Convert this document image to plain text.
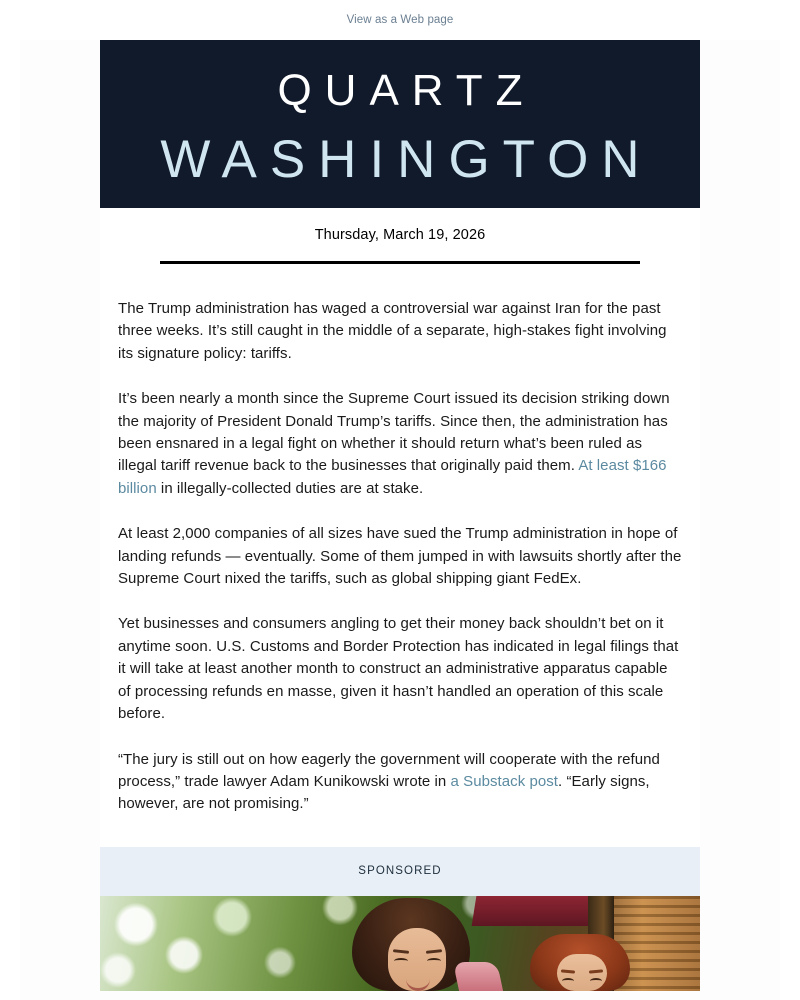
View as a Web page
QUARTZ
WASHINGTON
Thursday, March 19, 2026

The Trump administration has waged a controversial war against Iran for the past three weeks. It’s still caught in the middle of a separate, high-stakes fight involving its signature policy: tariffs.

It’s been nearly a month since the Supreme Court issued its decision striking down the majority of President Donald Trump’s tariffs. Since then, the administration has been ensnared in a legal fight on whether it should return what’s been ruled as illegal tariff revenue back to the businesses that originally paid them. At least $166 billion in illegally-collected duties are at stake.

At least 2,000 companies of all sizes have sued the Trump administration in hope of landing refunds — eventually. Some of them jumped in with lawsuits shortly after the Supreme Court nixed the tariffs, such as global shipping giant FedEx.

Yet businesses and consumers angling to get their money back shouldn’t bet on it anytime soon. U.S. Customs and Border Protection has indicated in legal filings that it will take at least another month to construct an administrative apparatus capable of processing refunds en masse, given it hasn’t handled an operation of this scale before.

“The jury is still out on how eagerly the government will cooperate with the refund process,” trade lawyer Adam Kunikowski wrote in a Substack post. “Early signs, however, are not promising.”

SPONSORED
